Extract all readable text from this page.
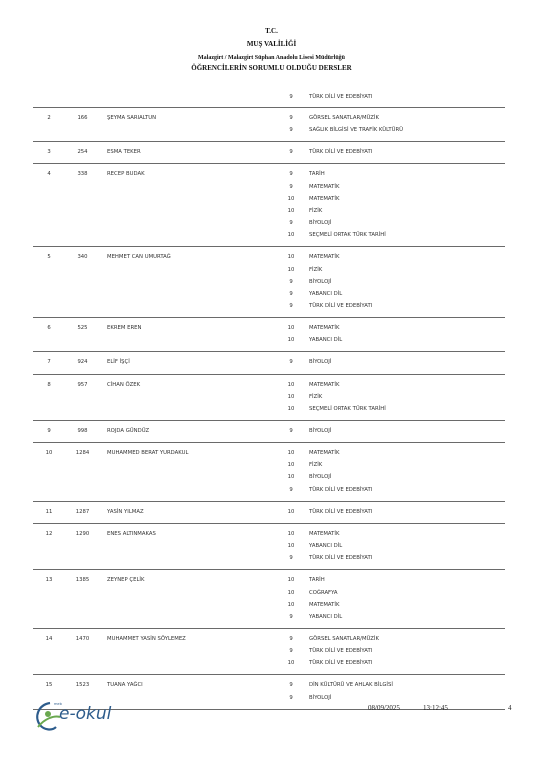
T.C.
MUŞ VALİLİĞİ
Malazgirt / Malazgirt Süphan Anadolu Lisesi Müdürlüğü
ÖĞRENCİLERİN SORUMLU OLDUĞU DERSLER
9	TÜRK DİLİ VE EDEBİYATI
2	166	ŞEYMA SARIALTUN	9	GÖRSEL SANATLAR/MÜZİK
9	SAĞLIK BİLGİSİ VE TRAFİK KÜLTÜRÜ
3	254	ESMA TEKER	9	TÜRK DİLİ VE EDEBİYATI
4	338	RECEP BUDAK	9	TARİH
9	MATEMATİK
10	MATEMATİK
10	FİZİK
9	BİYOLOJİ
10	SEÇMELİ ORTAK TÜRK TARİHİ
5	340	MEHMET CAN UMURTAĞ	10	MATEMATİK
10	FİZİK
9	BİYOLOJİ
9	YABANCI DİL
9	TÜRK DİLİ VE EDEBİYATI
6	525	EKREM EREN	10	MATEMATİK
10	YABANCI DİL
7	924	ELİF İŞÇİ	9	BİYOLOJİ
8	957	CİHAN ÖZEK	10	MATEMATİK
10	FİZİK
10	SEÇMELİ ORTAK TÜRK TARİHİ
9	998	ROJDA GÜNDÜZ	9	BİYOLOJİ
10	1284	MUHAMMED BERAT YURDAKUL	10	MATEMATİK
10	FİZİK
10	BİYOLOJİ
9	TÜRK DİLİ VE EDEBİYATI
11	1287	YASİN YILMAZ	10	TÜRK DİLİ VE EDEBİYATI
12	1290	ENES ALTINMAKAS	10	MATEMATİK
10	YABANCI DİL
9	TÜRK DİLİ VE EDEBİYATI
13	1385	ZEYNEP ÇELİK	10	TARİH
10	COĞRAFYA
10	MATEMATİK
9	YABANCI DİL
14	1470	MUHAMMET YASİN SÖYLEMEZ	9	GÖRSEL SANATLAR/MÜZİK
9	TÜRK DİLİ VE EDEBİYATI
10	TÜRK DİLİ VE EDEBİYATI
15	1523	TUANA YAĞCI	9	DİN KÜLTÜRÜ VE AHLAK BİLGİSİ
9	BİYOLOJİ
meb
e-okul	08/09/2025	13:12:45	4
